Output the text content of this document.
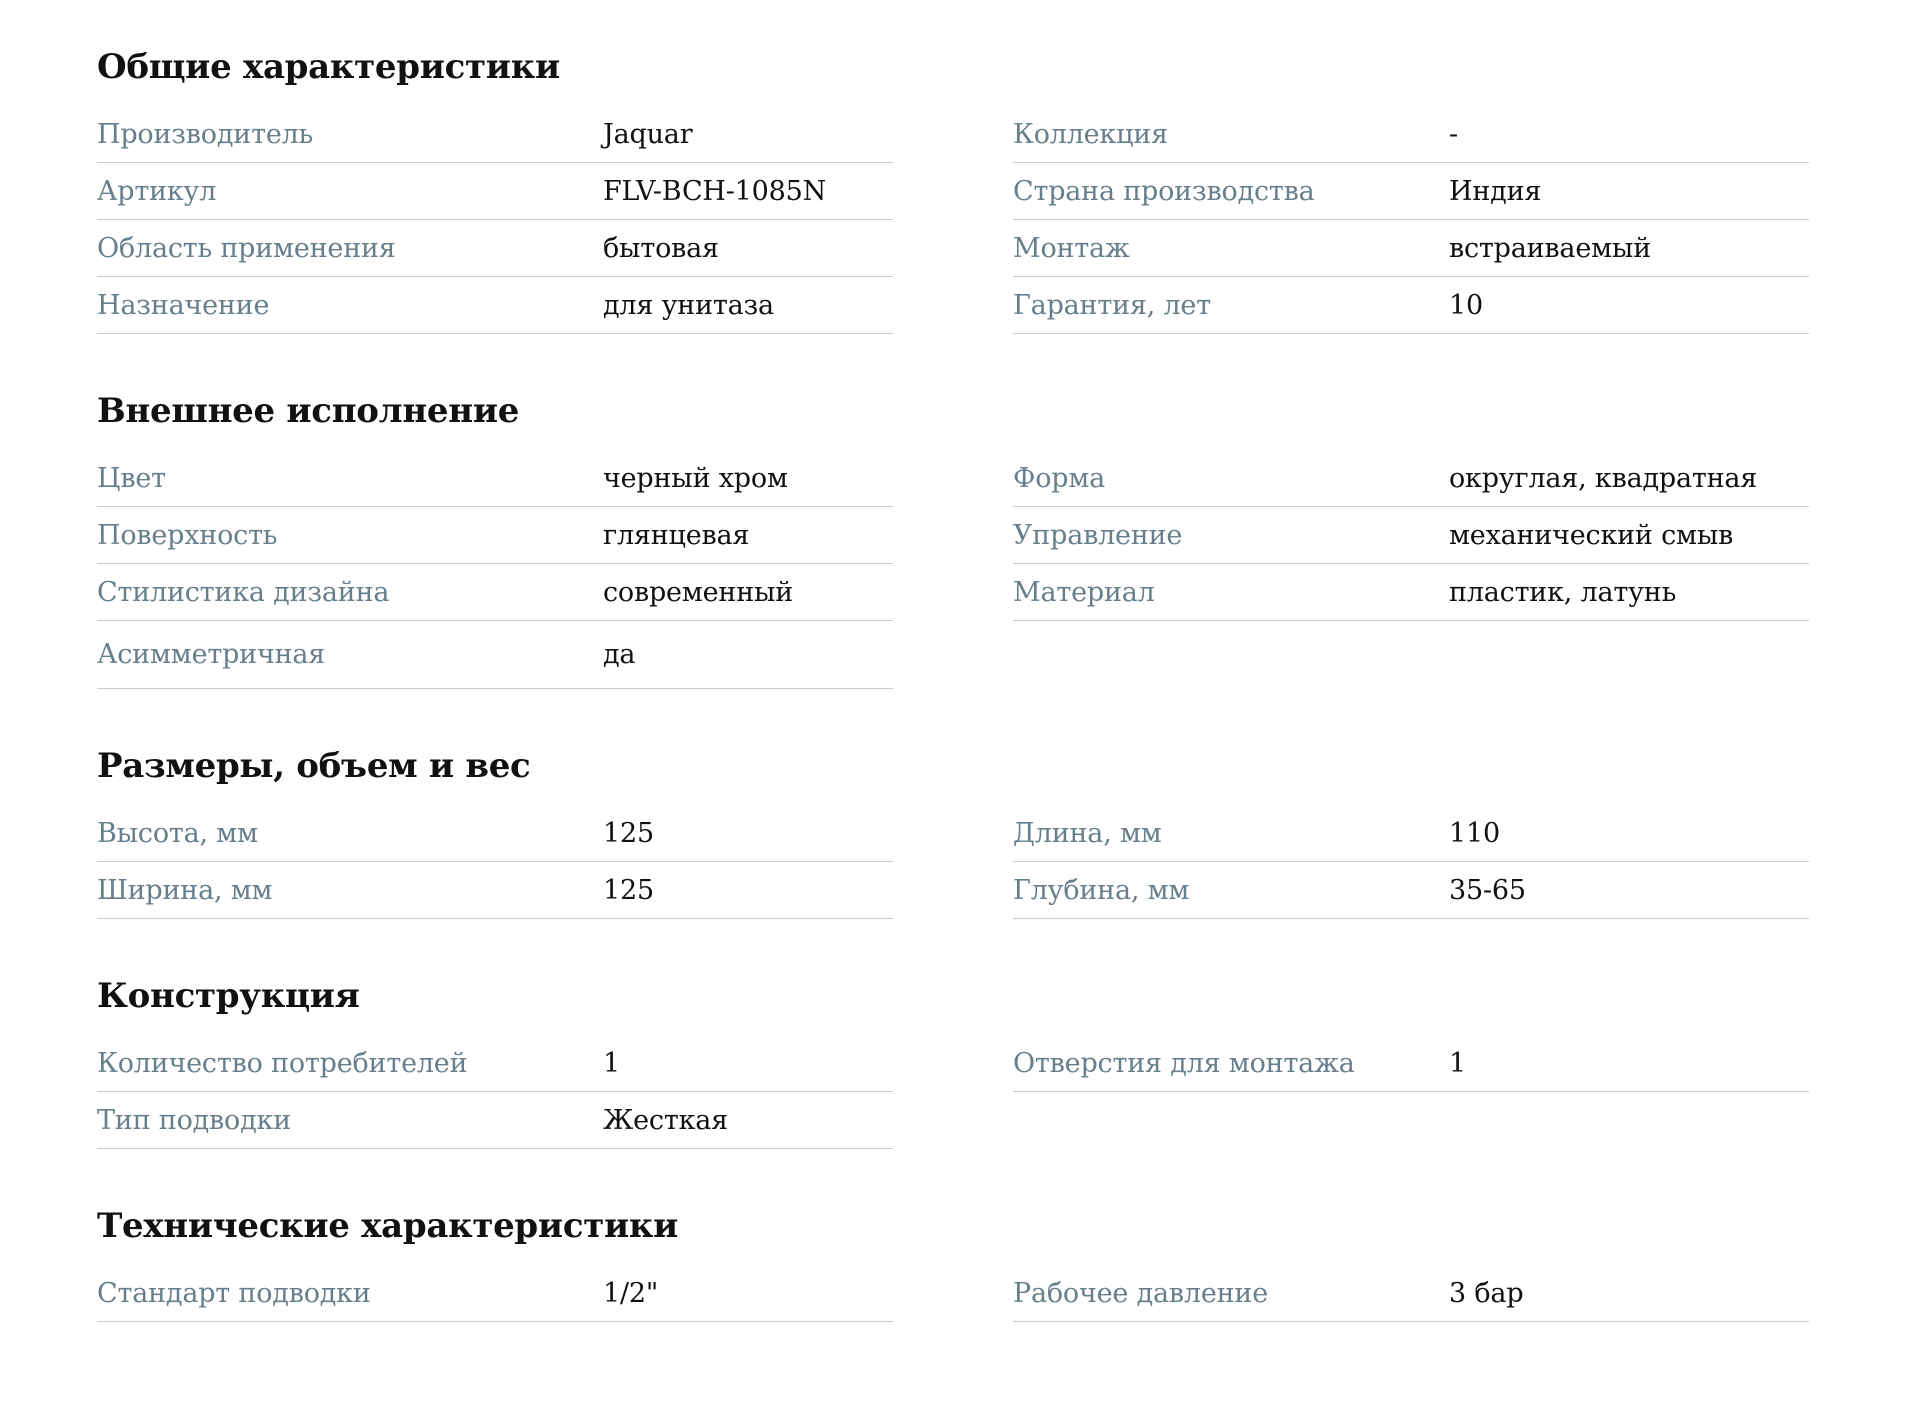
Общие характеристики
Производитель	Jaquar
Артикул	FLV-BCH-1085N
Область применения	бытовая
Назначение	для унитаза
Коллекция	-
Страна производства	Индия
Монтаж	встраиваемый
Гарантия, лет	10
Внешнее исполнение
Цвет	черный хром
Поверхность	глянцевая
Стилистика дизайна	современный
Асимметричная	да
Форма	округлая, квадратная
Управление	механический смыв
Материал	пластик, латунь
Размеры, объем и вес
Высота, мм	125
Ширина, мм	125
Длина, мм	110
Глубина, мм	35-65
Конструкция
Количество потребителей	1
Тип подводки	Жесткая
Отверстия для монтажа	1
Технические характеристики
Стандарт подводки	1/2"	Рабочее давление	3 бар
